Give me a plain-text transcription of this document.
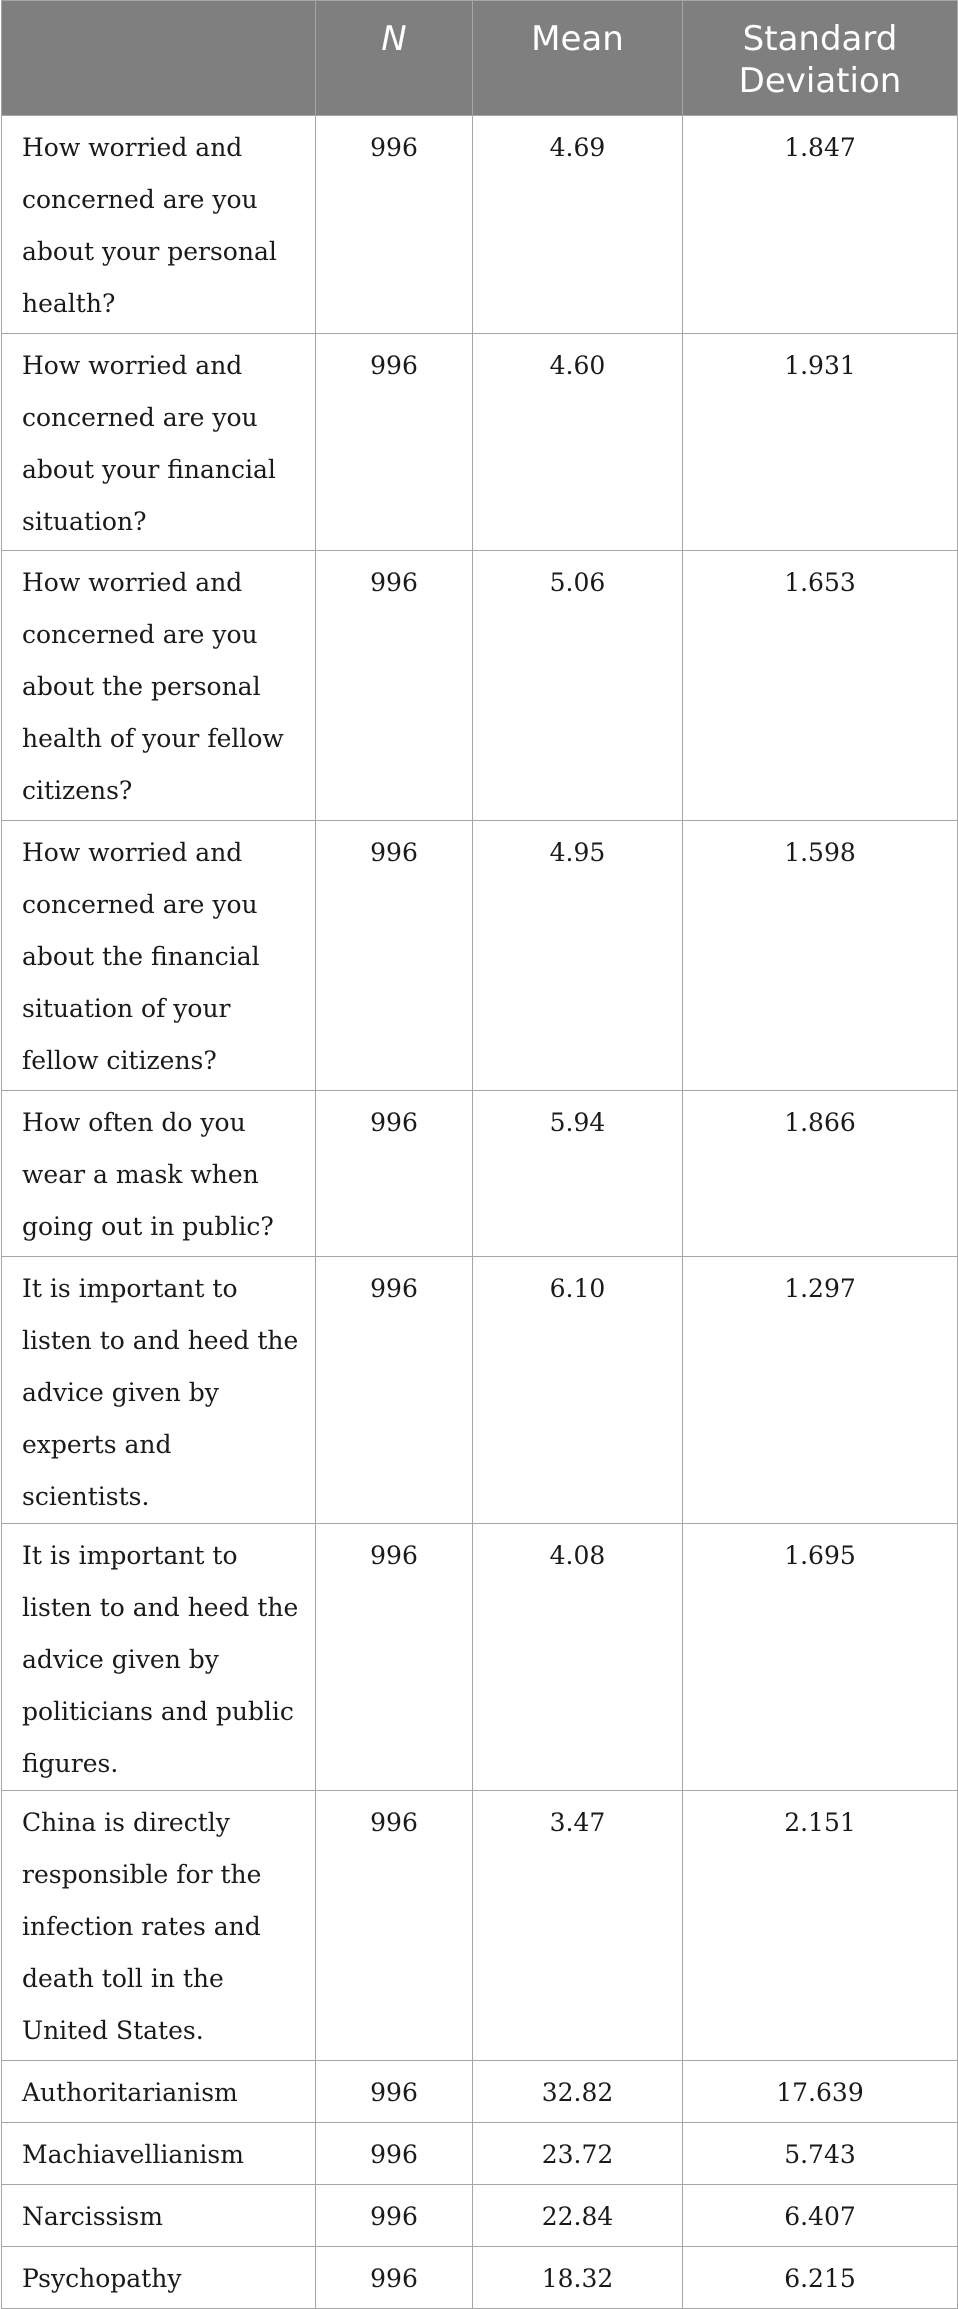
	N	Mean	Standard Deviation
How worried and concerned are you about your personal health?	996	4.69	1.847
How worried and concerned are you about your financial situation?	996	4.60	1.931
How worried and concerned are you about the personal health of your fellow citizens?	996	5.06	1.653
How worried and concerned are you about the financial situation of your fellow citizens?	996	4.95	1.598
How often do you wear a mask when going out in public?	996	5.94	1.866
It is important to listen to and heed the advice given by experts and scientists.	996	6.10	1.297
It is important to listen to and heed the advice given by politicians and public figures.	996	4.08	1.695
China is directly responsible for the infection rates and death toll in the United States.	996	3.47	2.151
Authoritarianism	996	32.82	17.639
Machiavellianism	996	23.72	5.743
Narcissism	996	22.84	6.407
Psychopathy	996	18.32	6.215
